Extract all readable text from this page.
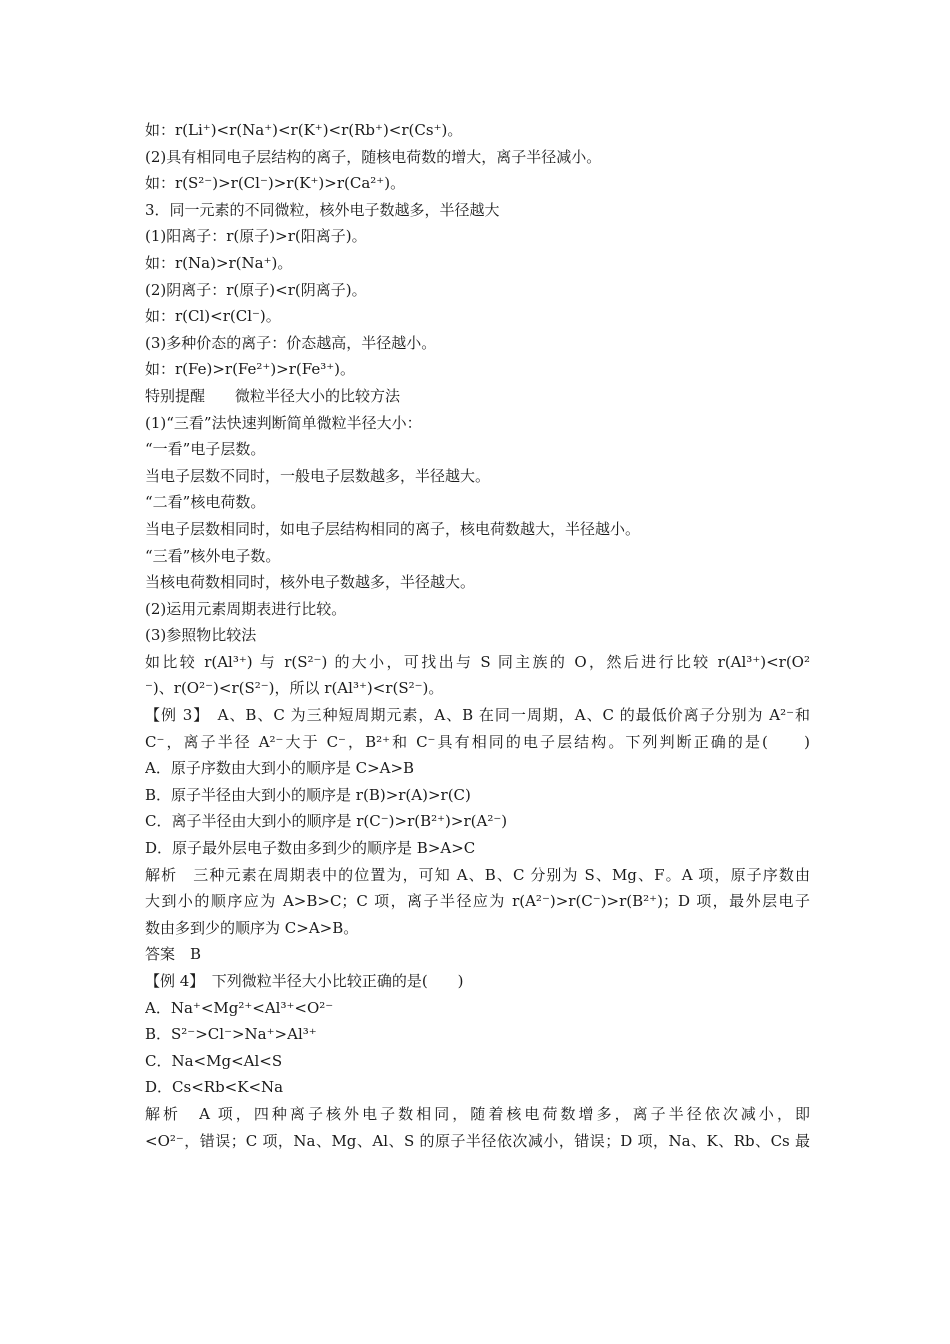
如：r(Li⁺)<r(Na⁺)<r(K⁺)<r(Rb⁺)<r(Cs⁺)。
(2)具有相同电子层结构的离子，随核电荷数的增大，离子半径减小。
如：r(S²⁻)>r(Cl⁻)>r(K⁺)>r(Ca²⁺)。
3．同一元素的不同微粒，核外电子数越多，半径越大
(1)阳离子：r(原子)>r(阳离子)。
如：r(Na)>r(Na⁺)。
(2)阴离子：r(原子)<r(阴离子)。
如：r(Cl)<r(Cl⁻)。
(3)多种价态的离子：价态越高，半径越小。
如：r(Fe)>r(Fe²⁺)>r(Fe³⁺)。
特别提醒　　微粒半径大小的比较方法
(1)“三看”法快速判断简单微粒半径大小：
“一看”电子层数。
当电子层数不同时，一般电子层数越多，半径越大。
“二看”核电荷数。
当电子层数相同时，如电子层结构相同的离子，核电荷数越大，半径越小。
“三看”核外电子数。
当核电荷数相同时，核外电子数越多，半径越大。
(2)运用元素周期表进行比较。
(3)参照物比较法
如比较 r(Al³⁺) 与 r(S²⁻) 的大小，可找出与 S 同主族的 O，然后进行比较 r(Al³⁺)<r(O²
⁻)、r(O²⁻)<r(S²⁻)，所以 r(Al³⁺)<r(S²⁻)。
【例 3】　A、B、C 为三种短周期元素，A、B 在同一周期，A、C 的最低价离子分别为 A²⁻和
C⁻，离子半径 A²⁻大于 C⁻，B²⁺和 C⁻具有相同的电子层结构。下列判断正确的是(　　)
A．原子序数由大到小的顺序是 C>A>B
B．原子半径由大到小的顺序是 r(B)>r(A)>r(C)
C．离子半径由大到小的顺序是 r(C⁻)>r(B²⁺)>r(A²⁻)
D．原子最外层电子数由多到少的顺序是 B>A>C
解析　三种元素在周期表中的位置为，可知 A、B、C 分别为 S、Mg、F。A 项，原子序数由
大到小的顺序应为 A>B>C；C 项，离子半径应为 r(A²⁻)>r(C⁻)>r(B²⁺)；D 项，最外层电子
数由多到少的顺序为 C>A>B。
答案　B
【例 4】　下列微粒半径大小比较正确的是(　　)
A．Na⁺<Mg²⁺<Al³⁺<O²⁻
B．S²⁻>Cl⁻>Na⁺>Al³⁺
C．Na<Mg<Al<S
D．Cs<Rb<K<Na
解析　A 项，四种离子核外电子数相同，随着核电荷数增多，离子半径依次减小，即
<O²⁻，错误；C 项，Na、Mg、Al、S 的原子半径依次减小，错误；D 项，Na、K、Rb、Cs 最
